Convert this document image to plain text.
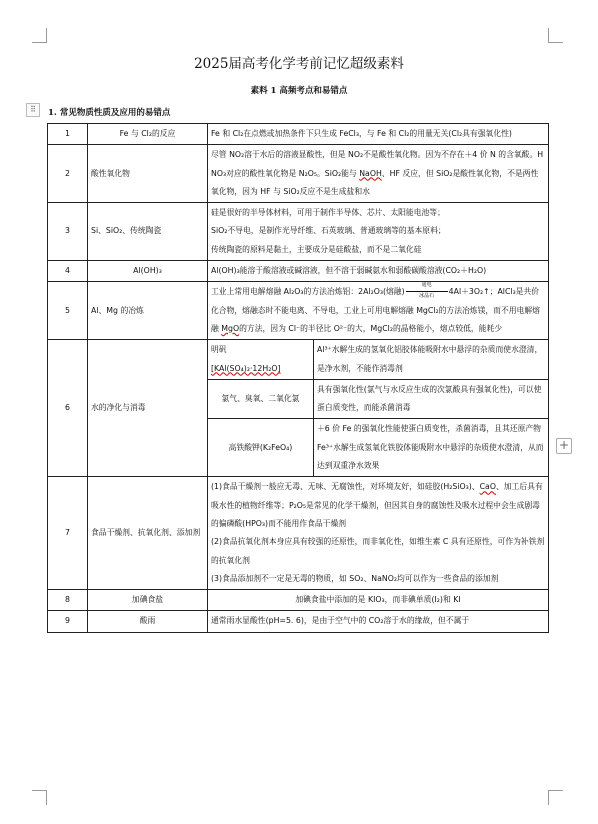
2025届高考化学考前记忆超级素料
素料 1 高频考点和易错点
⠿	1. 常见物质性质及应用的易错点
1	Fe 与 Cl₂的反应	Fe 和 Cl₂在点燃或加热条件下只生成 FeCl₃，与 Fe 和 Cl₂的用量无关(Cl₂具有强氧化性)	
2	酸性氧化物	尽管 NO₂溶于水后的溶液显酸性，但是 NO₂不是酸性氧化物。因为不存在＋4 价 N 的含氧酸。HNO₃对应的酸性氧化物是 N₂O₅。SiO₂能与 NaOH、HF 反应，但 SiO₂是酸性氧化物，不是两性氧化物，因为 HF 与 SiO₂反应不是生成盐和水	
3	Si、SiO₂、传统陶瓷	硅是很好的半导体材料，可用于制作半导体、芯片、太阳能电池等；
SiO₂不导电，是制作光导纤维、石英玻璃、普通玻璃等的基本原料；
传统陶瓷的原料是黏土，主要成分是硅酸盐，而不是二氧化硅	

4	Al(OH)₃	Al(OH)₃能溶于酸溶液或碱溶液，但不溶于弱碱氨水和弱酸碳酸溶液(CO₂＋H₂O)	
5	Al、Mg 的冶炼	工业上常用电解熔融 Al₂O₃的方法冶炼铝：2Al₂O₃(熔融)
通电
冰晶石 4Al＋3O₂↑；AlCl₃是共价化合物，熔融态时不能电离、不导电，工业上可用电解熔融 MgCl₂的方法冶炼镁，而不用电解熔融 MgO的方法，因为 Cl⁻的半径比 O²⁻的大，MgCl₂的晶格能小，熔点较低，能耗少	
6	水的净化与消毒	明矾
[KAl(SO₄)₂·12H₂O]	Al³⁺水解生成的氢氧化铝胶体能吸附水中悬浮的杂质而使水澄清，是净水剂，不能作消毒剂
		氯气、臭氧、二氧化氯	具有强氧化性(氯气与水反应生成的次氯酸具有强氧化性)，可以使蛋白质变性，而能杀菌消毒
		高铁酸钾(K₂FeO₄)	＋6 价 Fe 的强氧化性能使蛋白质变性，杀菌消毒，且其还原产物 Fe³⁺水解生成氢氧化铁胶体能吸附水中悬浮的杂质使水澄清，从而达到双重净水效果
7	食品干燥剂、抗氧化剂、添加剂	(1)食品干燥剂一般应无毒、无味、无腐蚀性，对环境友好，如硅胶(H₂SiO₃)、CaO、加工后具有吸水性的植物纤维等；P₂O₅是常见的化学干燥剂，但因其自身的腐蚀性及吸水过程中会生成剧毒的偏磷酸(HPO₃)而不能用作食品干燥剂
(2)食品抗氧化剂本身应具有较强的还原性，而非氧化性，如维生素 C 具有还原性，可作为补铁剂的抗氧化剂
(3)食品添加剂不一定是无毒的物质，如 SO₂、NaNO₂均可以作为一些食品的添加剂	

8	加碘食盐	加碘食盐中添加的是 KIO₃，而非碘单质(I₂)和 KI	
9	酸雨	通常雨水显酸性(pH=5. 6)，是由于空气中的 CO₂溶于水的缘故，但不属于	
+
